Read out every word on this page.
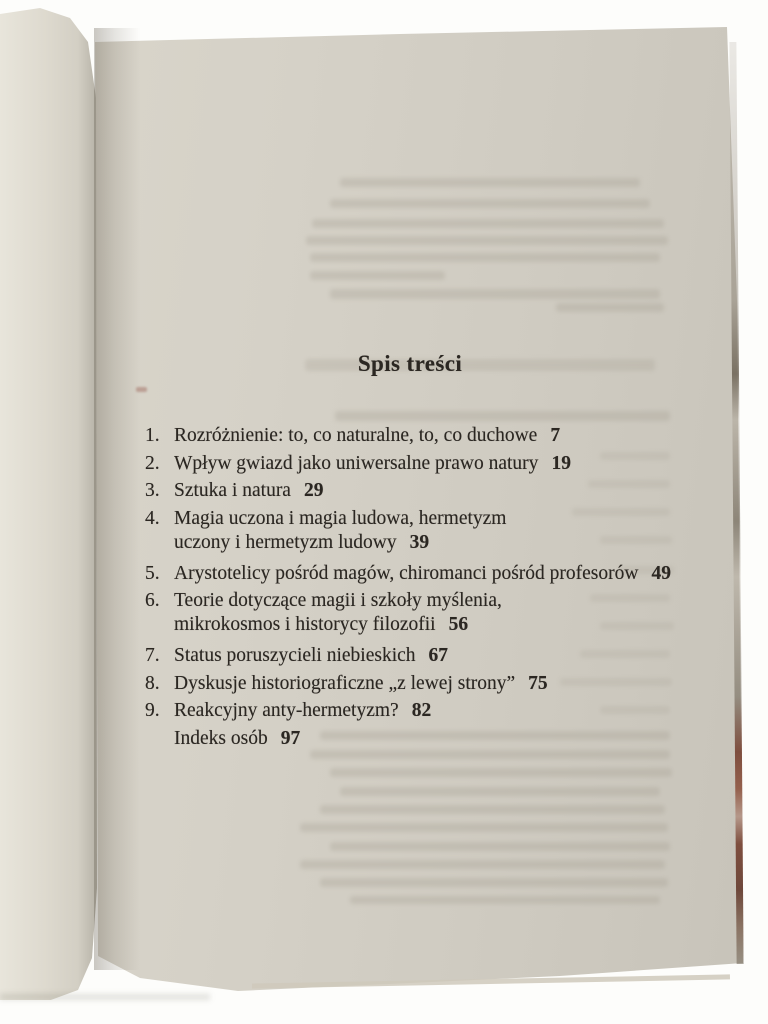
Spis treści
1. Rozróżnienie: to, co naturalne, to, co duchowe 7
2. Wpływ gwiazd jako uniwersalne prawo natury 19
3. Sztuka i natura 29
4. Magia uczona i magia ludowa, hermetyzm
uczony i hermetyzm ludowy 39
5. Arystotelicy pośród magów, chiromanci pośród profesorów 49
6. Teorie dotyczące magii i szkoły myślenia,
mikrokosmos i historycy filozofii 56
7. Status poruszycieli niebieskich 67
8. Dyskusje historiograficzne „z lewej strony” 75
9. Reakcyjny anty-hermetyzm? 82
Indeks osób 97
